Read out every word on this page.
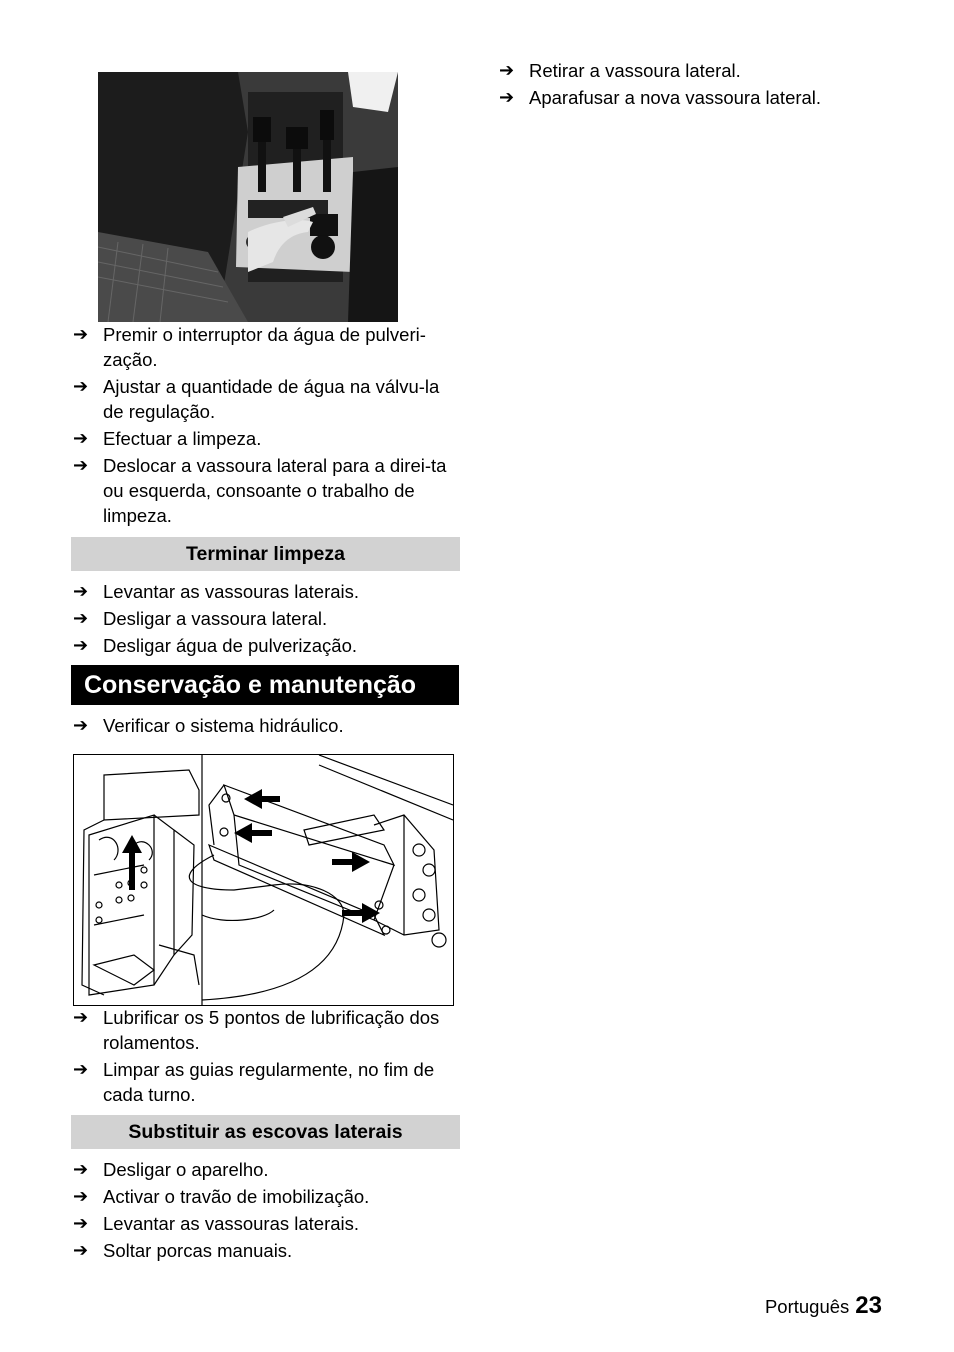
➔ Premir o interruptor da água de pulveri-zação.
➔ Ajustar a quantidade de água na válvu-la de regulação.
➔ Efectuar a limpeza.
➔ Deslocar a vassoura lateral para a direi-ta ou esquerda, consoante o trabalho de limpeza.
Terminar limpeza
➔ Levantar as vassouras laterais.
➔ Desligar a vassoura lateral.
➔ Desligar água de pulverização.
Conservação e manutenção
➔ Verificar o sistema hidráulico.
➔ Lubrificar os 5 pontos de lubrificação dos rolamentos.
➔ Limpar as guias regularmente, no fim de cada turno.
Substituir as escovas laterais
➔ Desligar o aparelho.
➔ Activar o travão de imobilização.
➔ Levantar as vassouras laterais.
➔ Soltar porcas manuais.
➔ Retirar a vassoura lateral.
➔ Aparafusar a nova vassoura lateral.
Português 23
